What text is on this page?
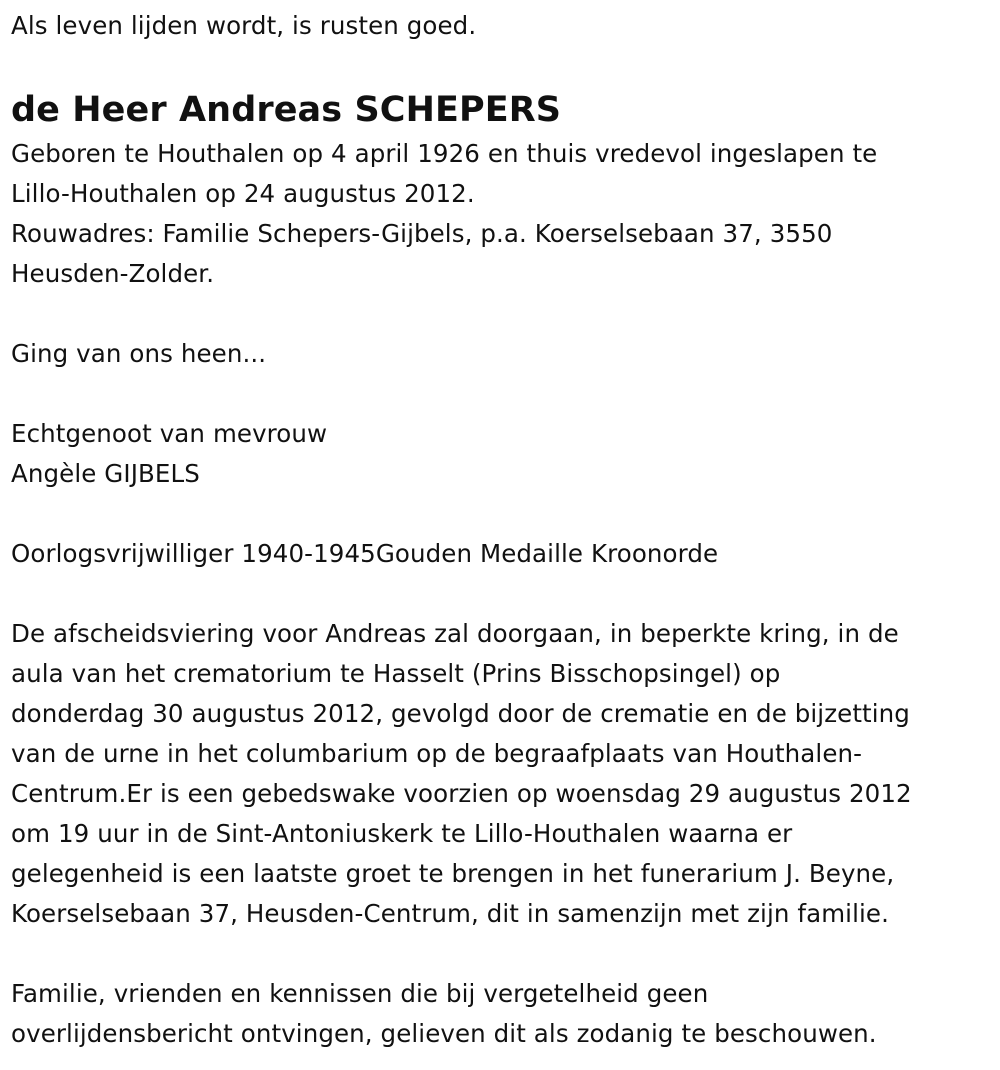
Als leven lijden wordt, is rusten goed.

de Heer Andreas SCHEPERS

Geboren te Houthalen op 4 april 1926 en thuis vredevol ingeslapen te

Lillo-Houthalen op 24 augustus 2012.

Rouwadres: Familie Schepers-Gijbels, p.a. Koerselsebaan 37, 3550

Heusden-Zolder.

Ging van ons heen...

Echtgenoot van mevrouw

Angèle GIJBELS

Oorlogsvrijwilliger 1940-1945Gouden Medaille Kroonorde

De afscheidsviering voor Andreas zal doorgaan, in beperkte kring, in de

aula van het crematorium te Hasselt (Prins Bisschopsingel) op

donderdag 30 augustus 2012, gevolgd door de crematie en de bijzetting

van de urne in het columbarium op de begraafplaats van Houthalen-

Centrum.Er is een gebedswake voorzien op woensdag 29 augustus 2012

om 19 uur in de Sint-Antoniuskerk te Lillo-Houthalen waarna er

gelegenheid is een laatste groet te brengen in het funerarium J. Beyne,

Koerselsebaan 37, Heusden-Centrum, dit in samenzijn met zijn familie.

Familie, vrienden en kennissen die bij vergetelheid geen

overlijdensbericht ontvingen, gelieven dit als zodanig te beschouwen.
